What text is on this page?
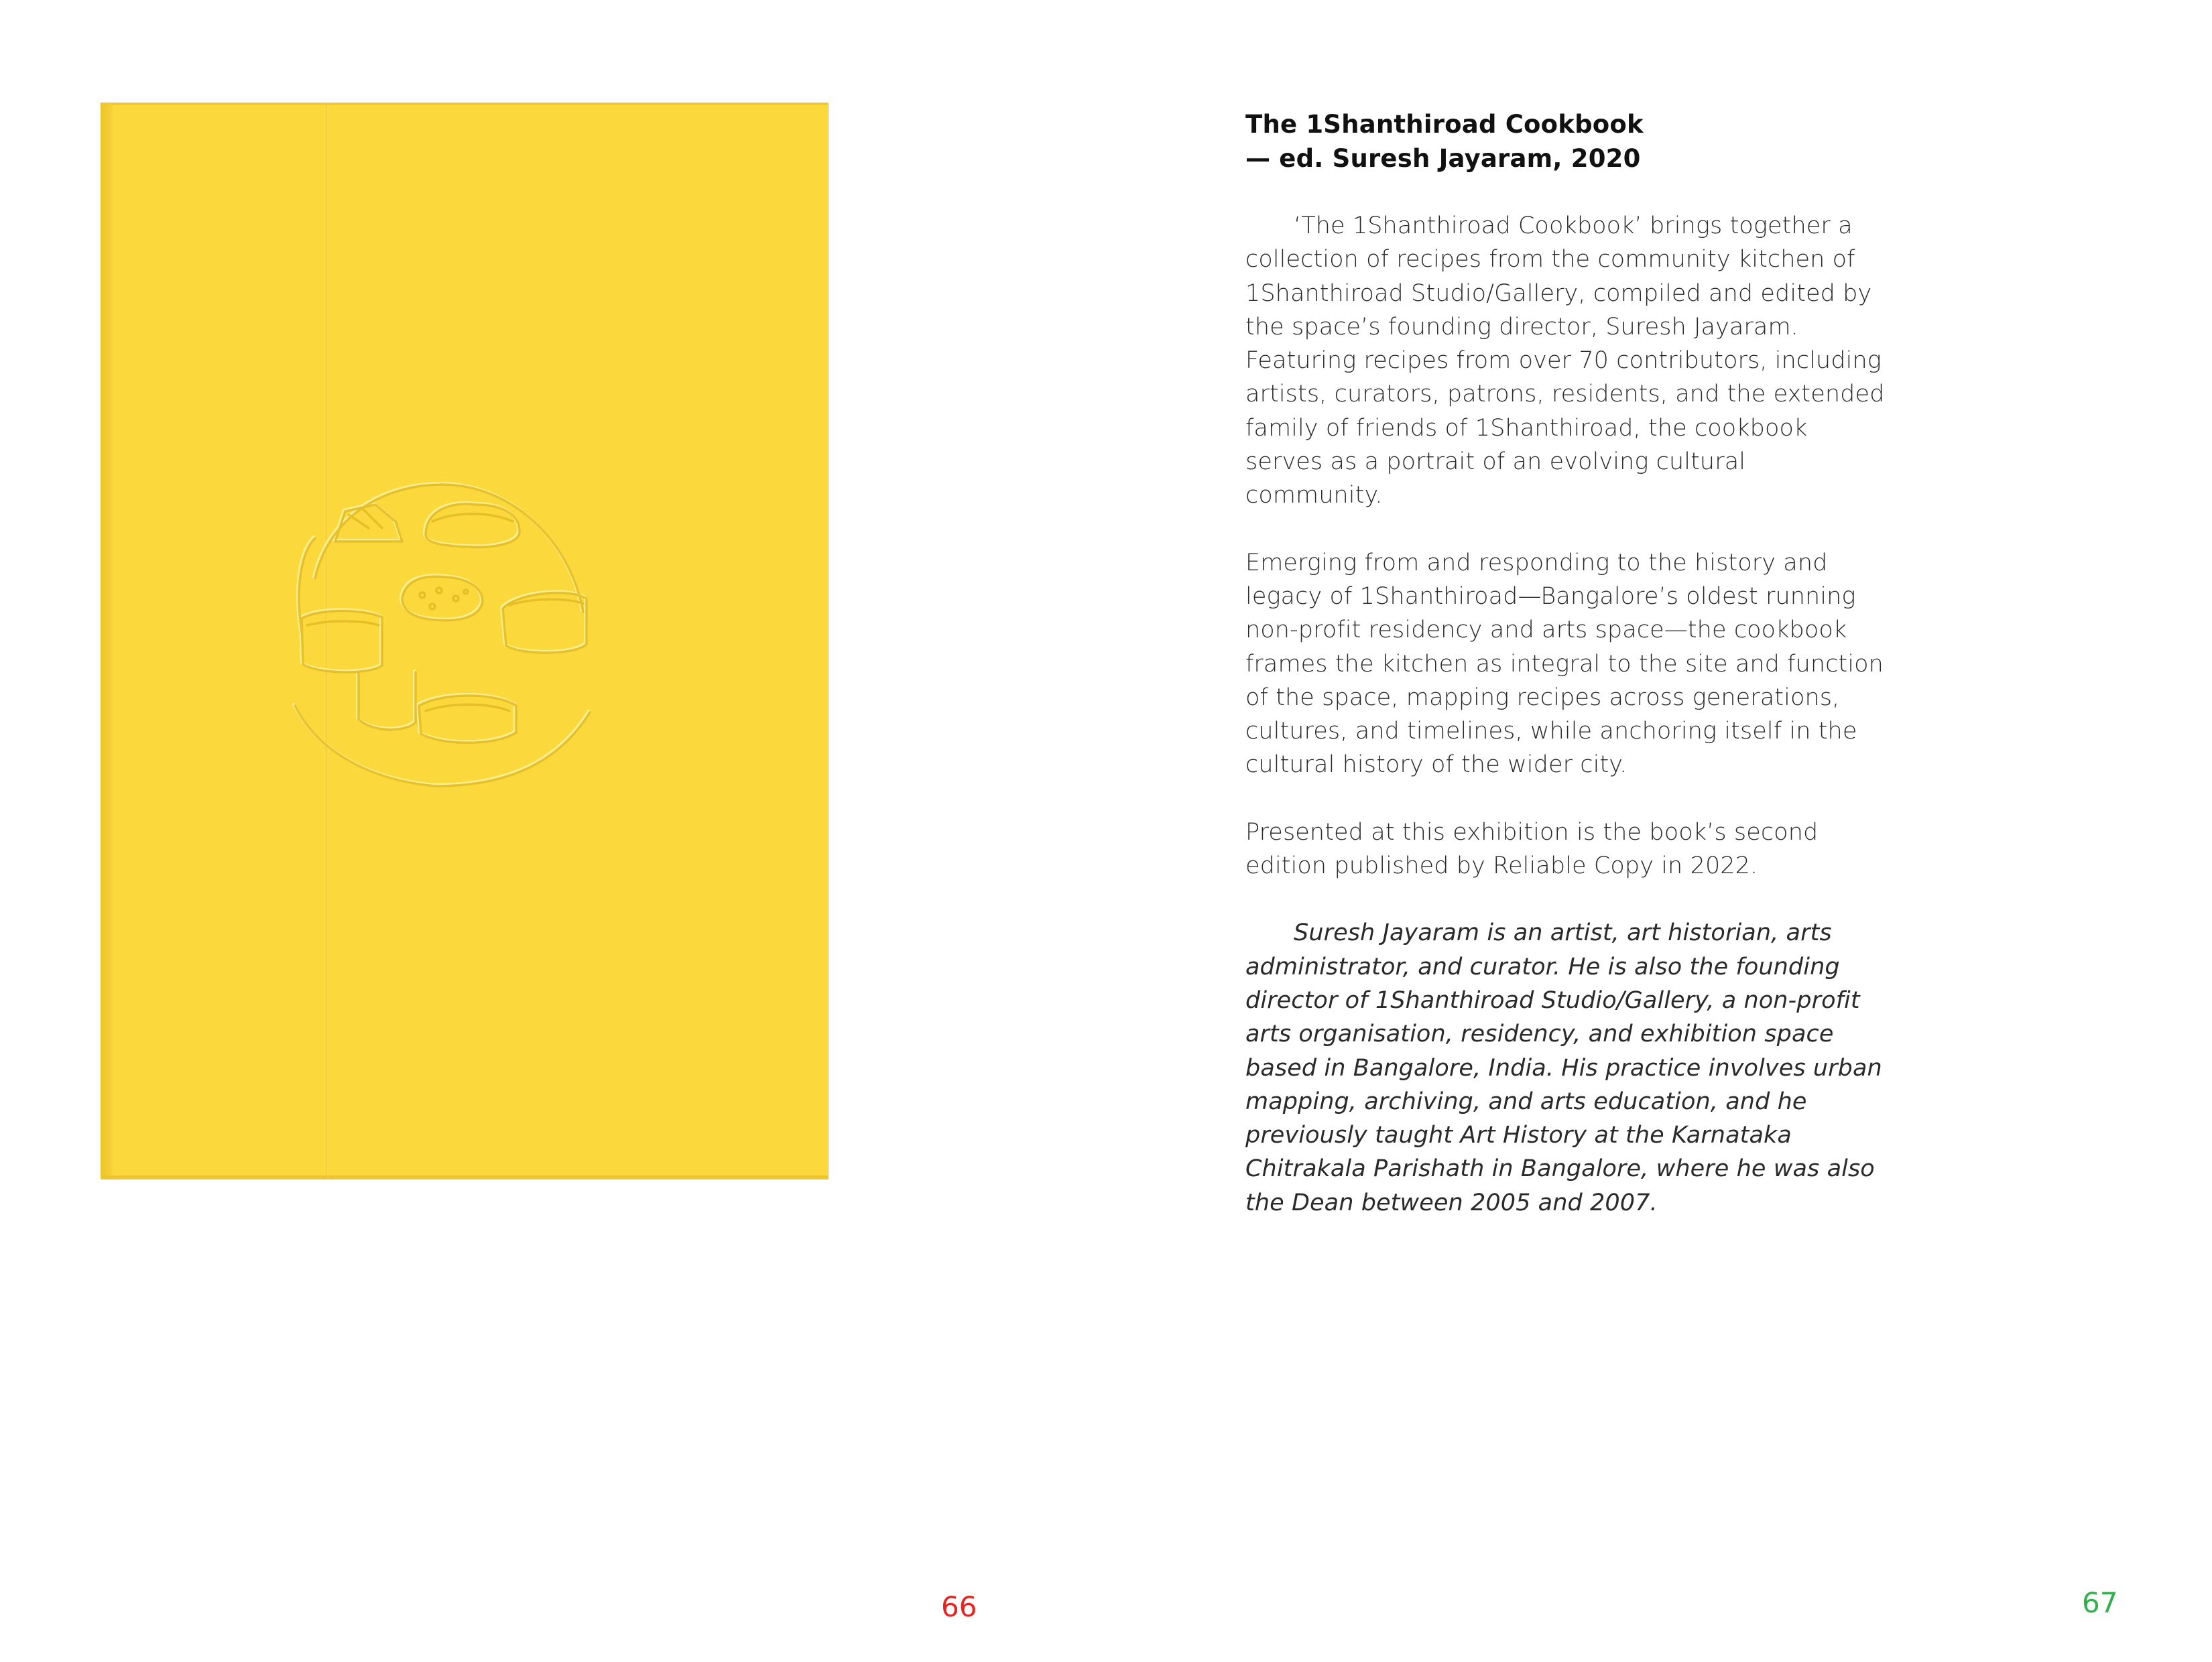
66

The 1Shanthiroad Cookbook
— ed. Suresh Jayaram, 2020

‘The 1Shanthiroad Cookbook’ brings together a collection of recipes from the community kitchen of 1Shanthiroad Studio/Gallery, compiled and edited by the space’s founding director, Suresh Jayaram. Featuring recipes from over 70 contributors, including artists, curators, patrons, residents, and the extended family of friends of 1Shanthiroad, the cookbook serves as a portrait of an evolving cultural community.

Emerging from and responding to the history and legacy of 1Shanthiroad—Bangalore’s oldest running non-profit residency and arts space—the cookbook frames the kitchen as integral to the site and function of the space, mapping recipes across generations, cultures, and timelines, while anchoring itself in the cultural history of the wider city.

Presented at this exhibition is the book’s second edition published by Reliable Copy in 2022.

Suresh Jayaram is an artist, art historian, arts administrator, and curator. He is also the founding director of 1Shanthiroad Studio/Gallery, a non-profit arts organisation, residency, and exhibition space based in Bangalore, India. His practice involves urban mapping, archiving, and arts education, and he previously taught Art History at the Karnataka Chitrakala Parishath in Bangalore, where he was also the Dean between 2005 and 2007.

67
